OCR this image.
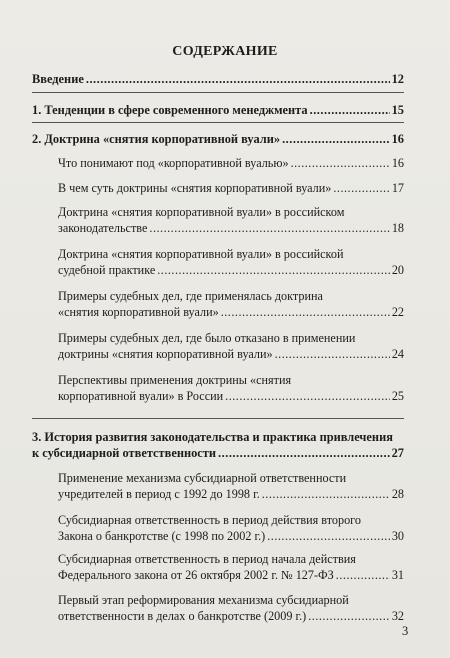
СОДЕРЖАНИЕ
Введение .....	12
1. Тенденции в сфере современного менеджмента .....	15
2. Доктрина «снятия корпоративной вуали» .....	16
Что понимают под «корпоративной вуалью» .....	16
В чем суть доктрины «снятия корпоративной вуали» .....	17
Доктрина «снятия корпоративной вуали» в российском
законодательстве .....	18
Доктрина «снятия корпоративной вуали» в российской
судебной практике .....	20
Примеры судебных дел, где применялась доктрина
«снятия корпоративной вуали» .....	22
Примеры судебных дел, где было отказано в применении
доктрины «снятия корпоративной вуали» .....	24
Перспективы применения доктрины «снятия
корпоративной вуали» в России .....	25
3. История развития законодательства и практика привлечения
к субсидиарной ответственности .....	27
Применение механизма субсидиарной ответственности
учредителей в период с 1992 до 1998 г. .....	28
Субсидиарная ответственность в период действия второго
Закона о банкротстве (с 1998 по 2002 г.) .....	30
Субсидиарная ответственность в период начала действия
Федерального закона от 26 октября 2002 г. № 127-ФЗ .....	31
Первый этап реформирования механизма субсидиарной
ответственности в делах о банкротстве (2009 г.) .....	32
3
